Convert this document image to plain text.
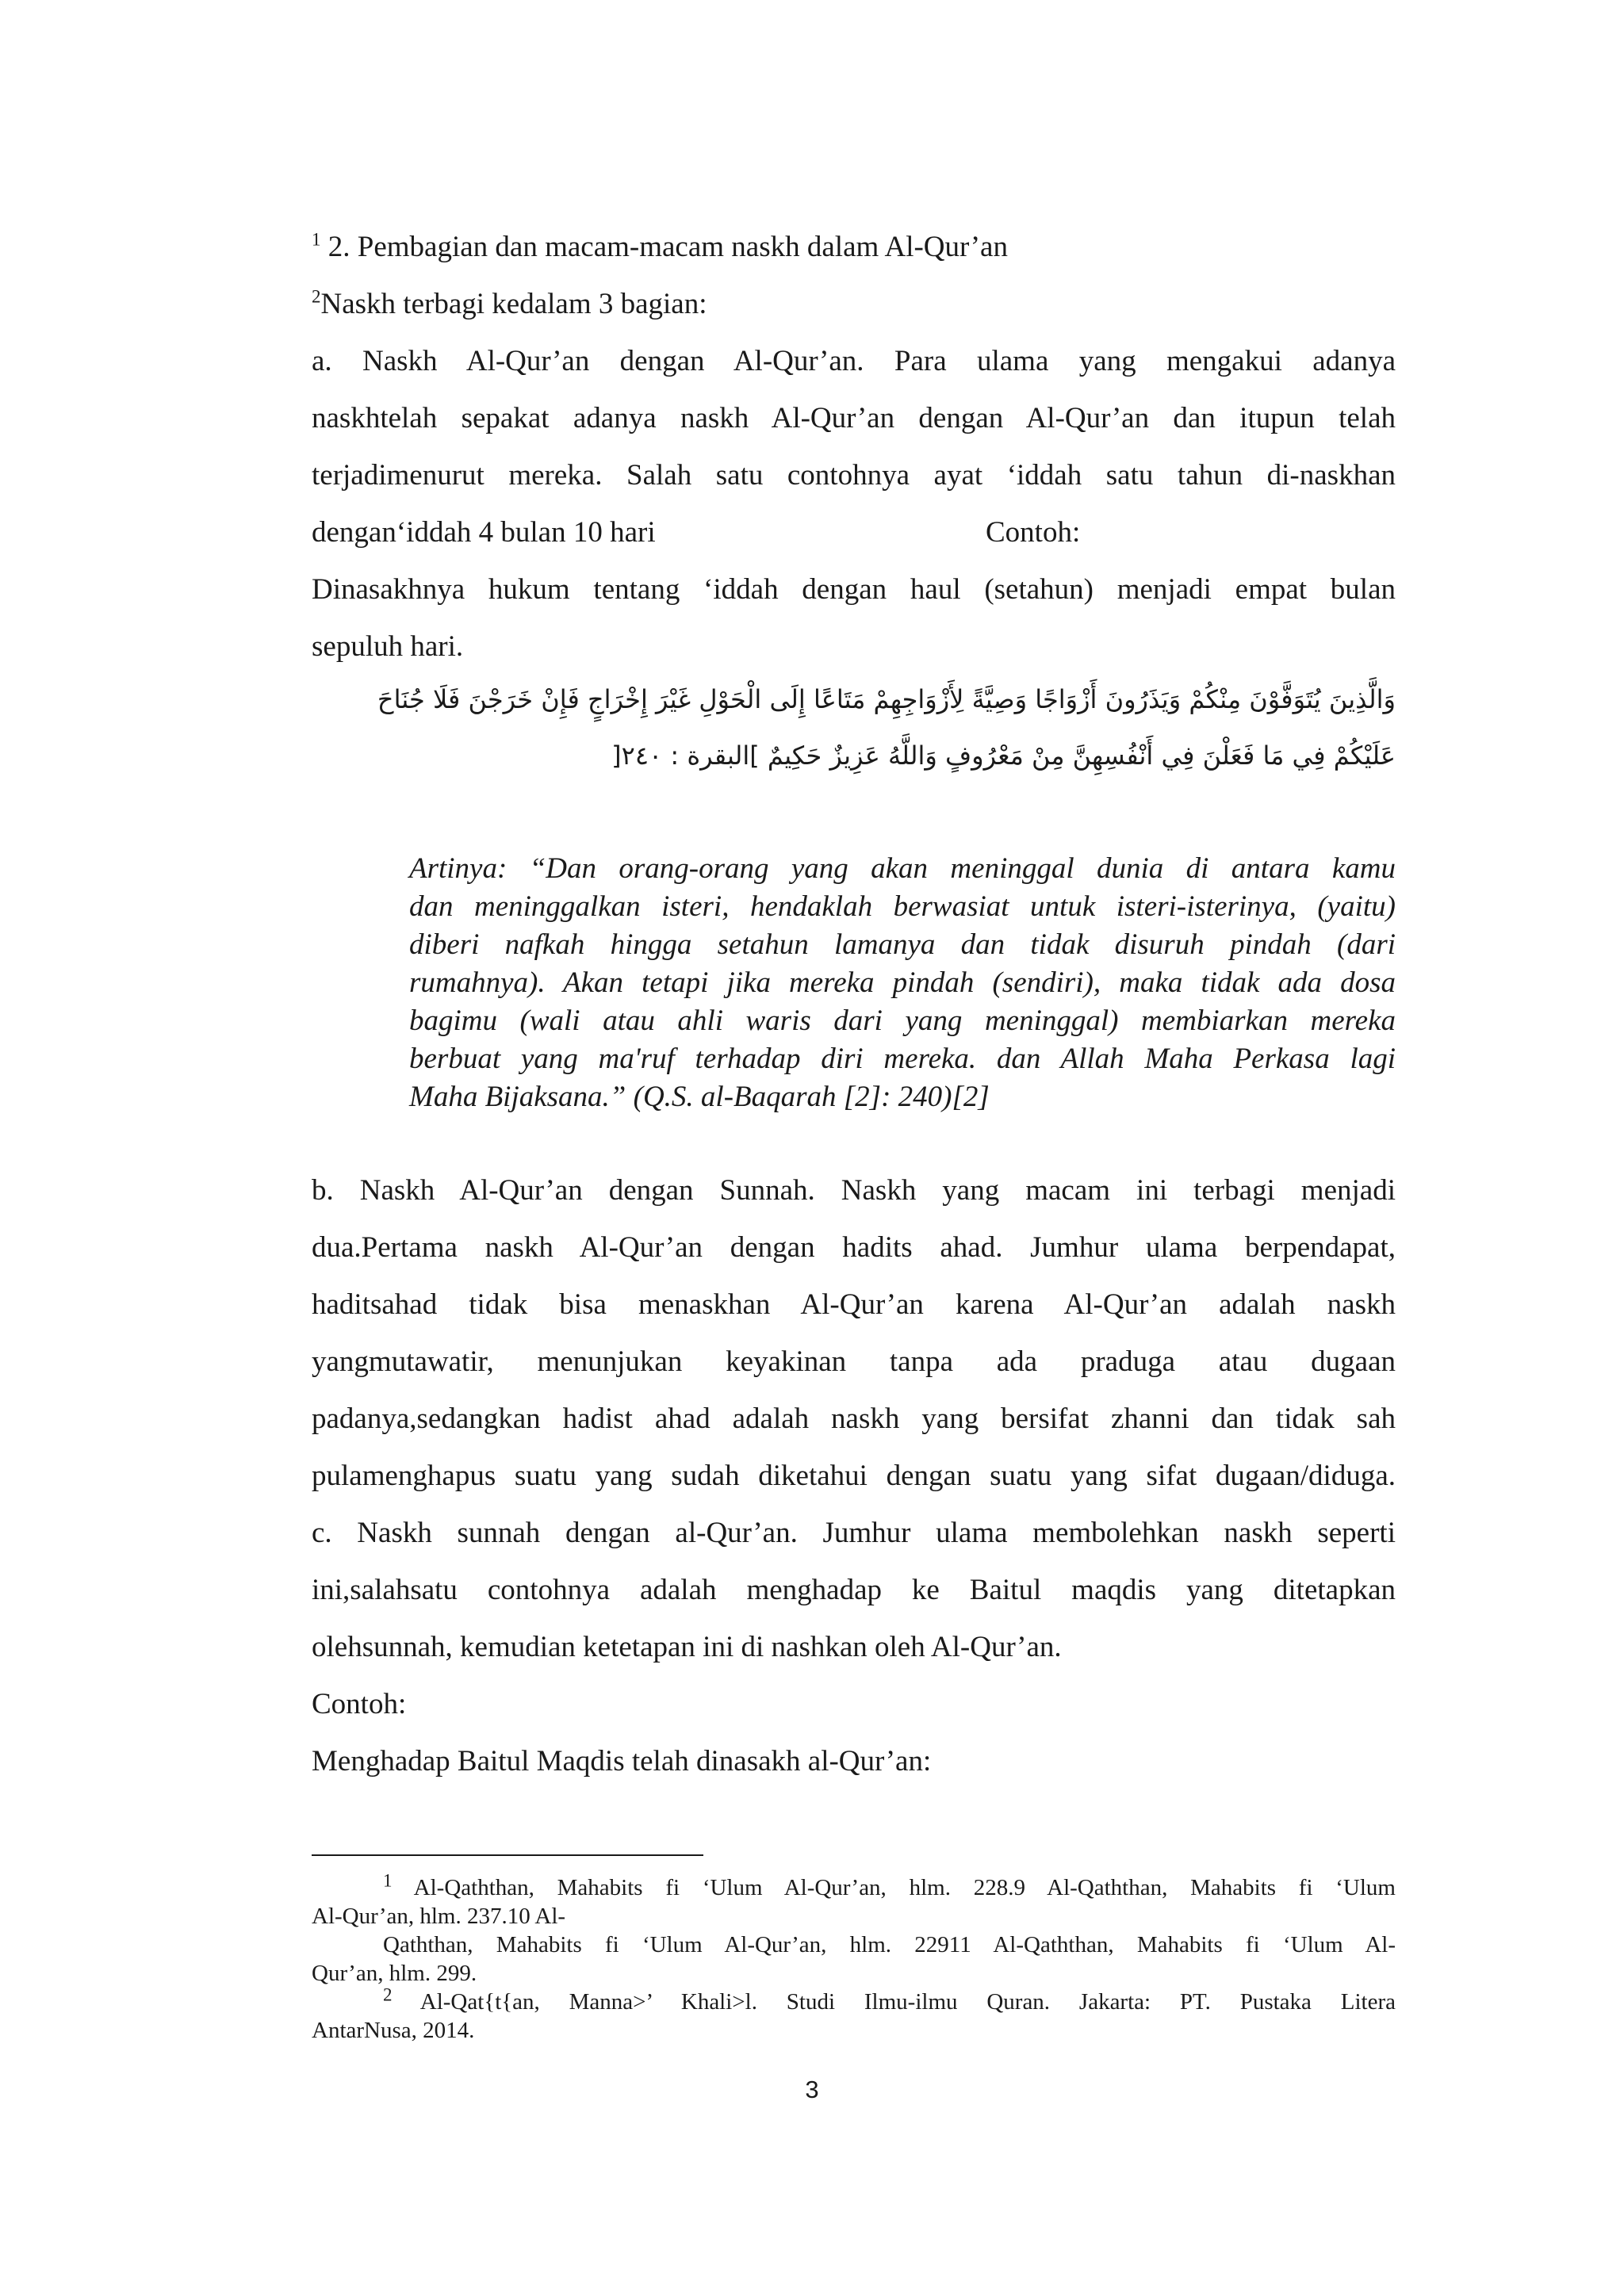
$^1$ 2. Pembagian dan macam-macam naskh dalam Al-Qur’an
$^2$Naskh terbagi kedalam 3 bagian:
a. Naskh Al-Qur’an dengan Al-Qur’an. Para ulama yang mengakui adanya
naskhtelah sepakat adanya naskh Al-Qur’an dengan Al-Qur’an dan itupun telah
terjadimenurut mereka. Salah satu contohnya ayat ‘iddah satu tahun di-naskhan
dengan‘iddah 4 bulan 10 hari	Contoh:
Dinasakhnya hukum tentang ‘iddah dengan haul (setahun) menjadi empat bulan
sepuluh hari.
وَالَّذِينَ يُتَوَفَّوْنَ مِنْكُمْ وَيَذَرُونَ أَزْوَاجًا وَصِيَّةً لِأَزْوَاجِهِمْ مَتَاعًا إِلَى الْحَوْلِ غَيْرَ إِخْرَاجٍ فَإِنْ خَرَجْنَ فَلَا جُنَاحَ
عَلَيْكُمْ فِي مَا فَعَلْنَ فِي أَنْفُسِهِنَّ مِنْ مَعْرُوفٍ وَاللَّهُ عَزِيزٌ حَكِيمٌ ]البقرة : ٢٤٠[
Artinya: “Dan orang-orang yang akan meninggal dunia di antara kamu
dan meninggalkan isteri, hendaklah berwasiat untuk isteri-isterinya, (yaitu)
diberi nafkah hingga setahun lamanya dan tidak disuruh pindah (dari
rumahnya). Akan tetapi jika mereka pindah (sendiri), maka tidak ada dosa
bagimu (wali atau ahli waris dari yang meninggal) membiarkan mereka
berbuat yang ma'ruf terhadap diri mereka. dan Allah Maha Perkasa lagi
Maha Bijaksana.” (Q.S. al-Baqarah [2]: 240)[2]
b. Naskh Al-Qur’an dengan Sunnah. Naskh yang macam ini terbagi menjadi
dua.Pertama naskh Al-Qur’an dengan hadits ahad. Jumhur ulama berpendapat,
haditsahad tidak bisa menaskhan Al-Qur’an karena Al-Qur’an adalah naskh
yangmutawatir, menunjukan keyakinan tanpa ada praduga atau dugaan
padanya,sedangkan hadist ahad adalah naskh yang bersifat zhanni dan tidak sah
pulamenghapus suatu yang sudah diketahui dengan suatu yang sifat dugaan/diduga.
c. Naskh sunnah dengan al-Qur’an. Jumhur ulama membolehkan naskh seperti
ini,salahsatu contohnya adalah menghadap ke Baitul maqdis yang ditetapkan
olehsunnah, kemudian ketetapan ini di nashkan oleh Al-Qur’an.
Contoh:
Menghadap Baitul Maqdis telah dinasakh al-Qur’an:
$^1$ Al-Qaththan, Mahabits fi ‘Ulum Al-Qur’an, hlm. 228.9 Al-Qaththan, Mahabits fi ‘Ulum
Al-Qur’an, hlm. 237.10 Al-
Qaththan, Mahabits fi ‘Ulum Al-Qur’an, hlm. 22911 Al-Qaththan, Mahabits fi ‘Ulum Al-
Qur’an, hlm. 299.
$^2$ Al-Qat{t{an, Manna>’ Khali>l. Studi Ilmu-ilmu Quran. Jakarta: PT. Pustaka Litera
AntarNusa, 2014.
3
